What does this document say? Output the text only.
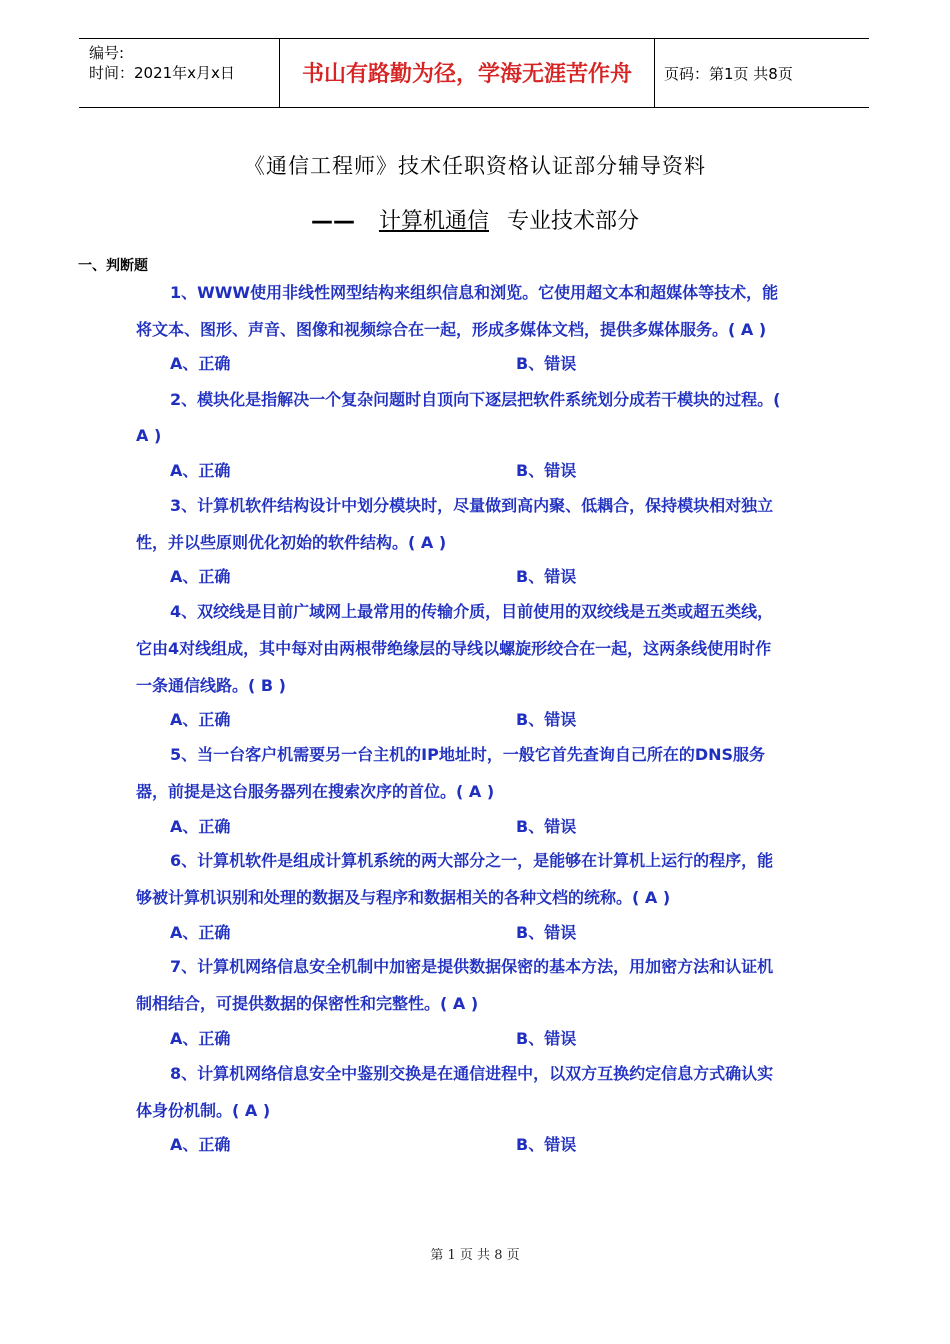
编号:
时间：2021年x月x日	书山有路勤为径，学海无涯苦作舟	页码：第1页 共8页
《通信工程师》技术任职资格认证部分辅导资料
—— 计算机通信 专业技术部分
一、判断题
1、WWW使用非线性网型结构来组织信息和浏览。它使用超文本和超媒体等技术，能
将文本、图形、声音、图像和视频综合在一起，形成多媒体文档，提供多媒体服务。( A )
A、正确	B、错误
2、模块化是指解决一个复杂问题时自顶向下逐层把软件系统划分成若干模块的过程。(
A )
A、正确	B、错误
3、计算机软件结构设计中划分模块时，尽量做到高内聚、低耦合，保持模块相对独立
性，并以些原则优化初始的软件结构。( A )
A、正确	B、错误
4、双绞线是目前广域网上最常用的传输介质，目前使用的双绞线是五类或超五类线，
它由4对线组成，其中每对由两根带绝缘层的导线以螺旋形绞合在一起，这两条线使用时作
一条通信线路。( B )
A、正确	B、错误
5、当一台客户机需要另一台主机的IP地址时，一般它首先查询自己所在的DNS服务
器，前提是这台服务器列在搜索次序的首位。( A )
A、正确	B、错误
6、计算机软件是组成计算机系统的两大部分之一，是能够在计算机上运行的程序，能
够被计算机识别和处理的数据及与程序和数据相关的各种文档的统称。( A )
A、正确	B、错误
7、计算机网络信息安全机制中加密是提供数据保密的基本方法，用加密方法和认证机
制相结合，可提供数据的保密性和完整性。( A )
A、正确	B、错误
8、计算机网络信息安全中鉴别交换是在通信进程中，以双方互换约定信息方式确认实
体身份机制。( A )
A、正确	B、错误
第 1 页 共 8 页
